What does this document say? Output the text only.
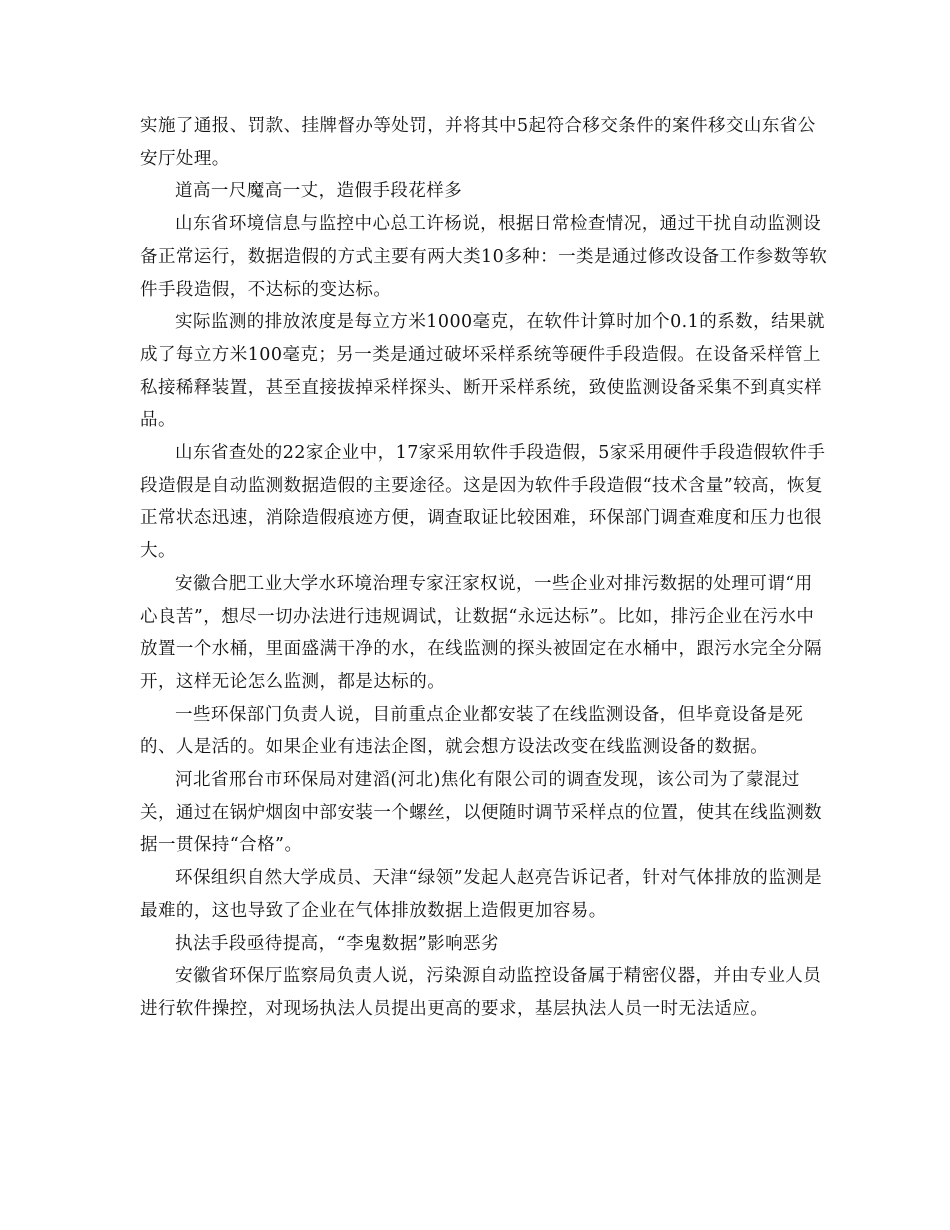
实施了通报、罚款、挂牌督办等处罚，并将其中5起符合移交条件的案件移交山东省公安厅处理。

道高一尺魔高一丈，造假手段花样多

山东省环境信息与监控中心总工许杨说，根据日常检查情况，通过干扰自动监测设备正常运行，数据造假的方式主要有两大类10多种：一类是通过修改设备工作参数等软件手段造假，不达标的变达标。

实际监测的排放浓度是每立方米1000毫克，在软件计算时加个0.1的系数，结果就成了每立方米100毫克；另一类是通过破坏采样系统等硬件手段造假。在设备采样管上私接稀释装置，甚至直接拔掉采样探头、断开采样系统，致使监测设备采集不到真实样品。

山东省查处的22家企业中，17家采用软件手段造假，5家采用硬件手段造假软件手段造假是自动监测数据造假的主要途径。这是因为软件手段造假“技术含量”较高，恢复正常状态迅速，消除造假痕迹方便，调查取证比较困难，环保部门调查难度和压力也很大。

安徽合肥工业大学水环境治理专家汪家权说，一些企业对排污数据的处理可谓“用心良苦”，想尽一切办法进行违规调试，让数据“永远达标”。比如，排污企业在污水中放置一个水桶，里面盛满干净的水，在线监测的探头被固定在水桶中，跟污水完全分隔开，这样无论怎么监测，都是达标的。

一些环保部门负责人说，目前重点企业都安装了在线监测设备，但毕竟设备是死的、人是活的。如果企业有违法企图，就会想方设法改变在线监测设备的数据。

河北省邢台市环保局对建滔(河北)焦化有限公司的调查发现，该公司为了蒙混过关，通过在锅炉烟囱中部安装一个螺丝，以便随时调节采样点的位置，使其在线监测数据一贯保持“合格”。

环保组织自然大学成员、天津“绿领”发起人赵亮告诉记者，针对气体排放的监测是最难的，这也导致了企业在气体排放数据上造假更加容易。

执法手段亟待提高，“李鬼数据”影响恶劣

安徽省环保厅监察局负责人说，污染源自动监控设备属于精密仪器，并由专业人员进行软件操控，对现场执法人员提出更高的要求，基层执法人员一时无法适应。
